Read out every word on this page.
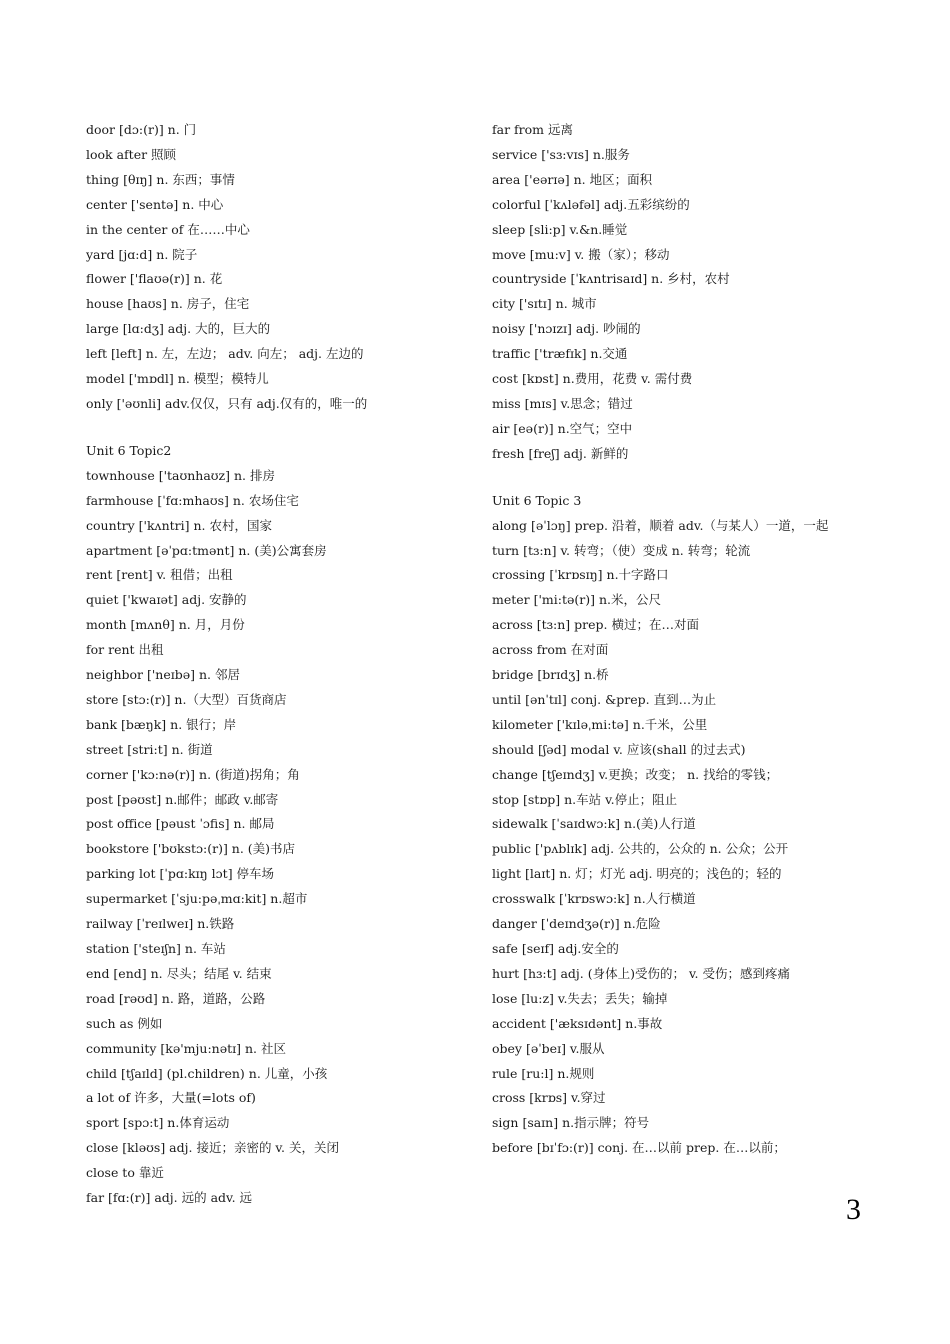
door [dɔ:(r)] n. 门
look after 照顾
thing [θɪŋ] n. 东西；事情
center ['sentə] n. 中心
in the center of 在……中心
yard [jɑ:d] n. 院子
flower ['flaʊə(r)] n. 花
house [haʊs] n. 房子，住宅
large [lɑ:dʒ] adj. 大的，巨大的
left [left] n. 左，左边； adv. 向左； adj. 左边的
model ['mɒdl] n. 模型；模特儿
only ['əʊnli] adv.仅仅，只有 adj.仅有的，唯一的
Unit 6 Topic2
townhouse ['taʊnhaʊz] n. 排房
farmhouse [ˈfɑ:mhaʊs] n. 农场住宅
country ['kʌntri] n. 农村，国家
apartment [əˈpɑ:tmənt] n. (美)公寓套房
rent [rent] v. 租借；出租
quiet ['kwaɪət] adj. 安静的
month [mʌnθ] n. 月，月份
for rent 出租
neighbor ['neɪbə] n. 邻居
store [stɔ:(r)] n.（大型）百货商店
bank [bæŋk] n. 银行；岸
street [stri:t] n. 街道
corner ['kɔ:nə(r)] n. (街道)拐角；角
post [pəʊst] n.邮件；邮政 v.邮寄
post office [pəust ˈɔfis] n. 邮局
bookstore ['bʊkstɔ:(r)] n. (美)书店
parking lot [ˈpɑ:kɪŋ lɔt] 停车场
supermarket [ˈsju:pəˌmɑ:kit] n.超市
railway [ˈreɪlweɪ] n.铁路
station ['steɪʃn] n. 车站
end [end] n. 尽头；结尾 v. 结束
road [rəʊd] n. 路，道路，公路
such as 例如
community [kə'mju:nətɪ] n. 社区
child [tʃaɪld] (pl.children) n. 儿童，小孩
a lot of 许多，大量(=lots of)
sport [spɔ:t] n.体育运动
close [kləʊs] adj. 接近；亲密的 v. 关，关闭
close to 靠近
far [fɑ:(r)] adj. 远的 adv. 远
far from 远离
service ['sɜ:vɪs] n.服务
area ['eərɪə] n. 地区；面积
colorful [ˈkʌləfəl] adj.五彩缤纷的
sleep [sli:p] v.&n.睡觉
move [mu:v] v. 搬（家）；移动
countryside [ˈkʌntrisaɪd] n. 乡村，农村
city ['sɪtɪ] n. 城市
noisy ['nɔɪzɪ] adj. 吵闹的
traffic ['træfɪk] n.交通
cost [kɒst] n.费用，花费 v. 需付费
miss [mɪs] v.思念；错过
air [eə(r)] n.空气；空中
fresh [freʃ] adj. 新鲜的
Unit 6 Topic 3
along [əˈlɔŋ] prep. 沿着，顺着 adv.（与某人）一道，一起
turn [tɜ:n] v. 转弯；（使）变成 n. 转弯；轮流
crossing [ˈkrɒsɪŋ] n.十字路口
meter ['mi:tə(r)] n.米，公尺
across [tɜ:n] prep. 横过；在…对面
across from 在对面
bridge [brɪdʒ] n.桥
until [ənˈtɪl] conj. &prep. 直到…为止
kilometer ['kɪləˌmi:tə] n.千米，公里
should [ʃəd] modal v. 应该(shall 的过去式)
change [tʃeɪndʒ] v.更换；改变； n. 找给的零钱；
stop [stɒp] n.车站 v.停止；阻止
sidewalk [ˈsaɪdwɔ:k] n.(美)人行道
public ['pʌblɪk] adj. 公共的，公众的 n. 公众；公开
light [laɪt] n. 灯；灯光 adj. 明亮的；浅色的；轻的
crosswalk [ˈkrɒswɔ:k] n.人行横道
danger [ˈdeɪndʒə(r)] n.危险
safe [seɪf] adj.安全的
hurt [hɜ:t] adj. (身体上)受伤的； v. 受伤；感到疼痛
lose [lu:z] v.失去；丢失；输掉
accident ['æksɪdənt] n.事故
obey [əˈbeɪ] v.服从
rule [ru:l] n.规则
cross [krɒs] v.穿过
sign [saɪn] n.指示牌；符号
before [bɪˈfɔ:(r)] conj. 在…以前 prep. 在…以前；
3
